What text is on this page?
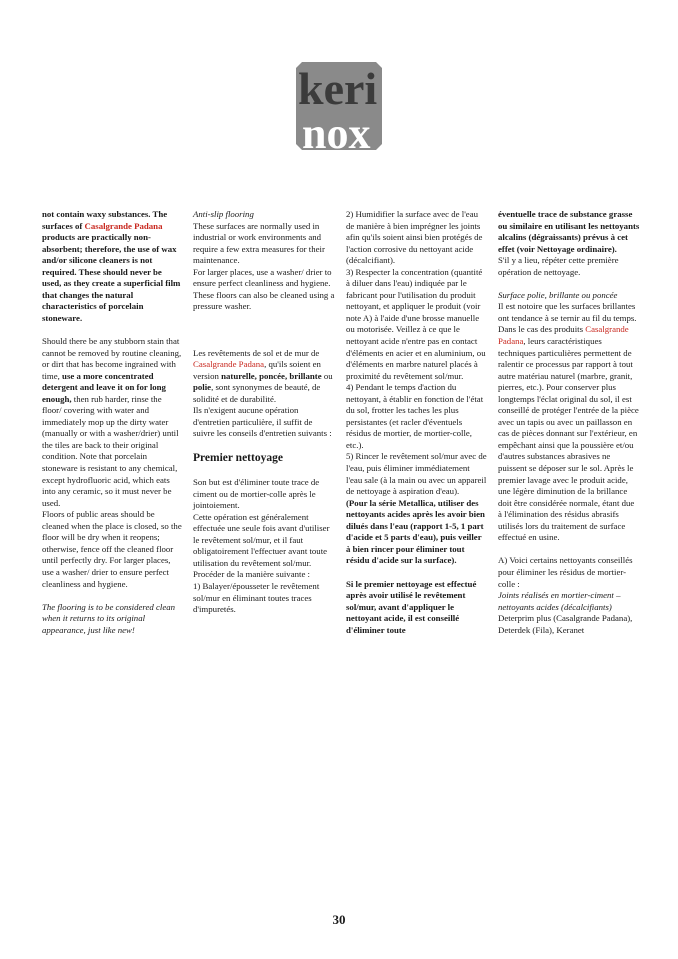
keri
nox

not contain waxy substances. The surfaces of Casalgrande Padana products are practically non-absorbent; therefore, the use of wax and/or silicone cleaners is not required. These should never be used, as they create a superficial film that changes the natural characteristics of porcelain stoneware.

Should there be any stubborn stain that cannot be removed by routine cleaning, or dirt that has become ingrained with time, use a more concentrated detergent and leave it on for long enough, then rub harder, rinse the floor/ covering with water and immediately mop up the dirty water (manually or with a washer/drier) until the tiles are back to their original condition. Note that porcelain stoneware is resistant to any chemical, except hydrofluoric acid, which eats into any ceramic, so it must never be used.

Floors of public areas should be cleaned when the place is closed, so the floor will be dry when it reopens; otherwise, fence off the cleaned floor until perfectly dry. For larger places, use a washer/ drier to ensure perfect cleanliness and hygiene.

The flooring is to be considered clean when it returns to its original appearance, just like new!

Anti-slip flooring

These surfaces are normally used in industrial or work environments and require a few extra measures for their maintenance.

For larger places, use a washer/ drier to ensure perfect cleanliness and hygiene.

These floors can also be cleaned using a pressure washer.

Les revêtements de sol et de mur de Casalgrande Padana, qu'ils soient en version naturelle, poncée, brillante ou polie, sont synonymes de beauté, de solidité et de durabilité.

Ils n'exigent aucune opération d'entretien particulière, il suffit de suivre les conseils d'entretien suivants :

Premier nettoyage

Son but est d'éliminer toute trace de ciment ou de mortier-colle après le jointoiement.

Cette opération est généralement effectuée une seule fois avant d'utiliser le revêtement sol/mur, et il faut obligatoirement l'effectuer avant toute utilisation du revêtement sol/mur.

Procéder de la manière suivante :

1) Balayer/épousseter le revêtement sol/mur en éliminant toutes traces d'impuretés.

2) Humidifier la surface avec de l'eau de manière à bien imprégner les joints afin qu'ils soient ainsi bien protégés de l'action corrosive du nettoyant acide (décalcifiant).

3) Respecter la concentration (quantité à diluer dans l'eau) indiquée par le fabricant pour l'utilisation du produit nettoyant, et appliquer le produit (voir note A) à l'aide d'une brosse manuelle ou motorisée. Veillez à ce que le nettoyant acide n'entre pas en contact d'éléments en acier et en aluminium, ou d'éléments en marbre naturel placés à proximité du revêtement sol/mur.

4) Pendant le temps d'action du nettoyant, à établir en fonction de l'état du sol, frotter les taches les plus persistantes (et racler d'éventuels résidus de mortier, de mortier-colle, etc.).

5) Rincer le revêtement sol/mur avec de l'eau, puis éliminer immédiatement l'eau sale (à la main ou avec un appareil de nettoyage à aspiration d'eau).

(Pour la série Metallica, utiliser des nettoyants acides après les avoir bien dilués dans l'eau (rapport 1-5, 1 part d'acide et 5 parts d'eau), puis veiller à bien rincer pour éliminer tout résidu d'acide sur la surface).

Si le premier nettoyage est effectué après avoir utilisé le revêtement sol/mur, avant d'appliquer le nettoyant acide, il est conseillé d'éliminer toute

éventuelle trace de substance grasse ou similaire en utilisant les nettoyants alcalins (dégraissants) prévus à cet effet (voir Nettoyage ordinaire).

S'il y a lieu, répéter cette première opération de nettoyage.

Surface polie, brillante ou poncée

Il est notoire que les surfaces brillantes ont tendance à se ternir au fil du temps. Dans le cas des produits Casalgrande Padana, leurs caractéristiques techniques particulières permettent de ralentir ce processus par rapport à tout autre matériau naturel (marbre, granit, pierres, etc.). Pour conserver plus longtemps l'éclat original du sol, il est conseillé de protéger l'entrée de la pièce avec un tapis ou avec un paillasson en cas de pièces donnant sur l'extérieur, en empêchant ainsi que la poussière et/ou d'autres substances abrasives ne puissent se déposer sur le sol. Après le premier lavage avec le produit acide, une légère diminution de la brillance doit être considérée normale, étant due à l'élimination des résidus abrasifs utilisés lors du traitement de surface effectué en usine.

A) Voici certains nettoyants conseillés pour éliminer les résidus de mortier-colle :

Joints réalisés en mortier-ciment – nettoyants acides (décalcifiants)

Deterprim plus (Casalgrande Padana), Deterdek (Fila), Keranet

30
